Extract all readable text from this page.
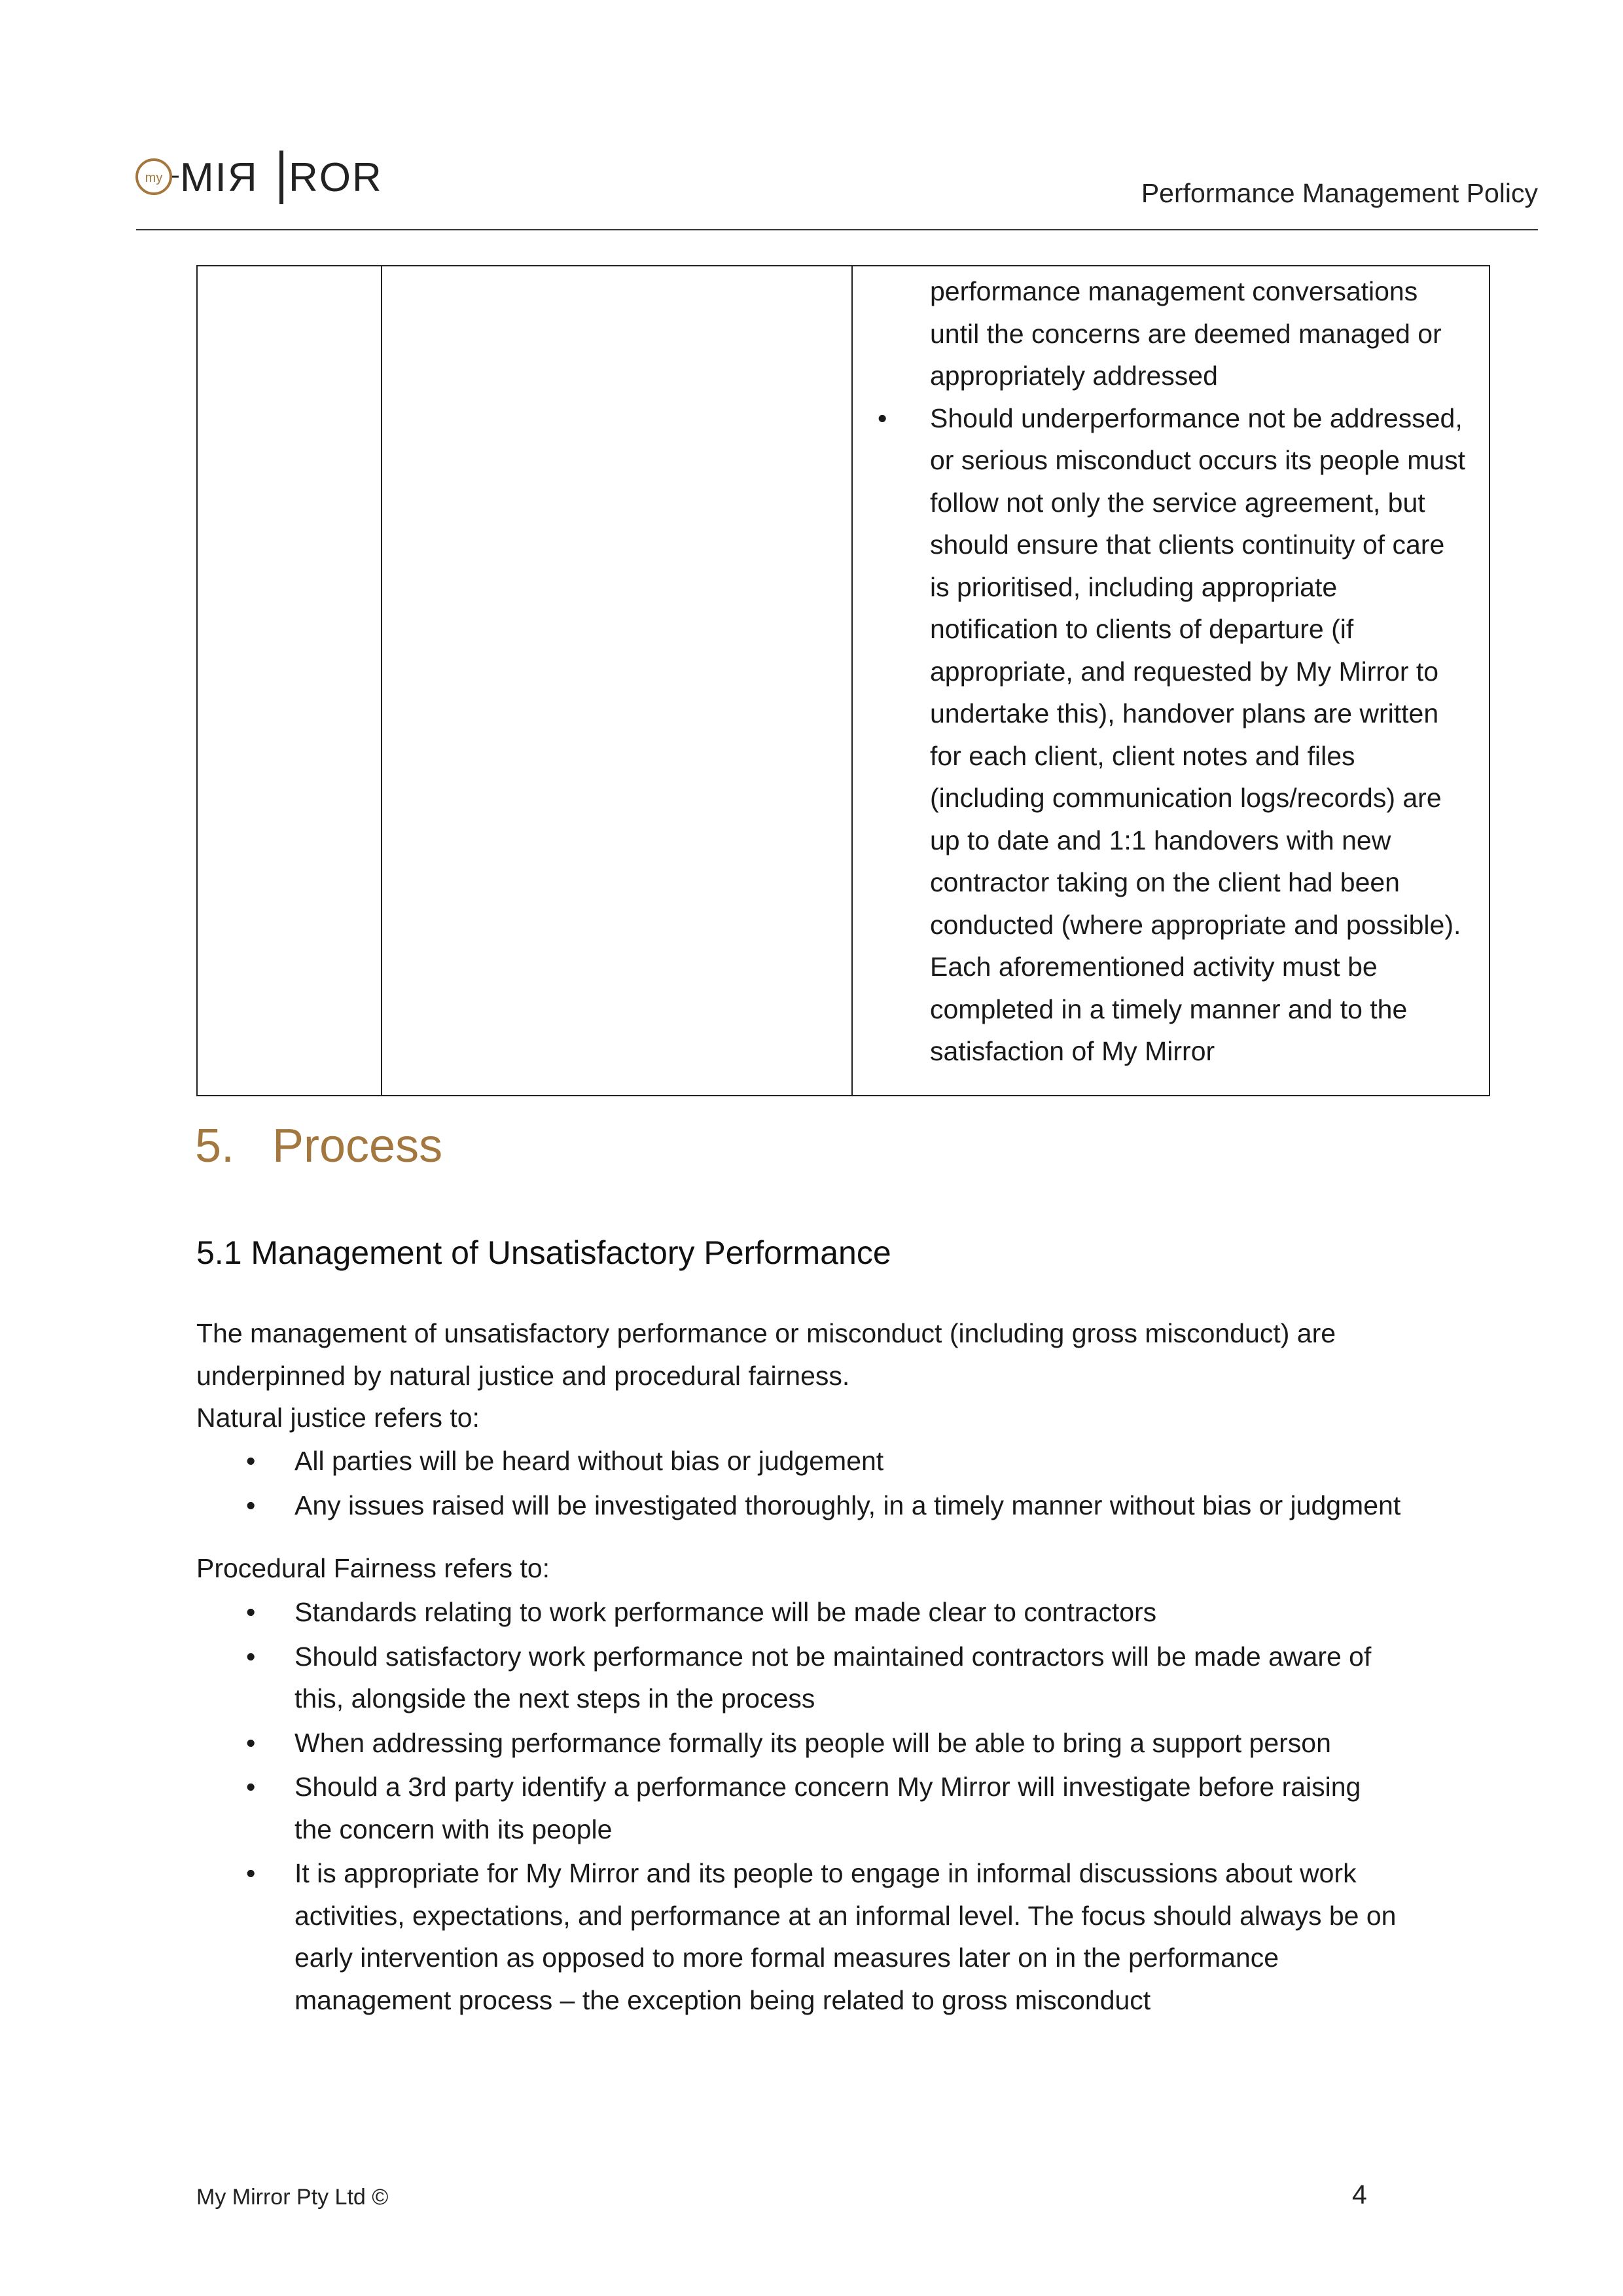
my MIЯ ROR	Performance Management Policy

performance management conversations
until the concerns are deemed managed or
appropriately addressed
•	Should underperformance not be addressed,
or serious misconduct occurs its people must
follow not only the service agreement, but
should ensure that clients continuity of care
is prioritised, including appropriate
notification to clients of departure (if
appropriate, and requested by My Mirror to
undertake this), handover plans are written
for each client, client notes and files
(including communication logs/records) are
up to date and 1:1 handovers with new
contractor taking on the client had been
conducted (where appropriate and possible).
Each aforementioned activity must be
completed in a timely manner and to the
satisfaction of My Mirror
5. Process
5.1 Management of Unsatisfactory Performance
The management of unsatisfactory performance or misconduct (including gross misconduct) are
underpinned by natural justice and procedural fairness.
Natural justice refers to:
• All parties will be heard without bias or judgement
• Any issues raised will be investigated thoroughly, in a timely manner without bias or judgment
Procedural Fairness refers to:
• Standards relating to work performance will be made clear to contractors
• Should satisfactory work performance not be maintained contractors will be made aware of
this, alongside the next steps in the process
• When addressing performance formally its people will be able to bring a support person
• Should a 3rd party identify a performance concern My Mirror will investigate before raising
the concern with its people
• It is appropriate for My Mirror and its people to engage in informal discussions about work
activities, expectations, and performance at an informal level. The focus should always be on
early intervention as opposed to more formal measures later on in the performance
management process – the exception being related to gross misconduct
My Mirror Pty Ltd ©	4
